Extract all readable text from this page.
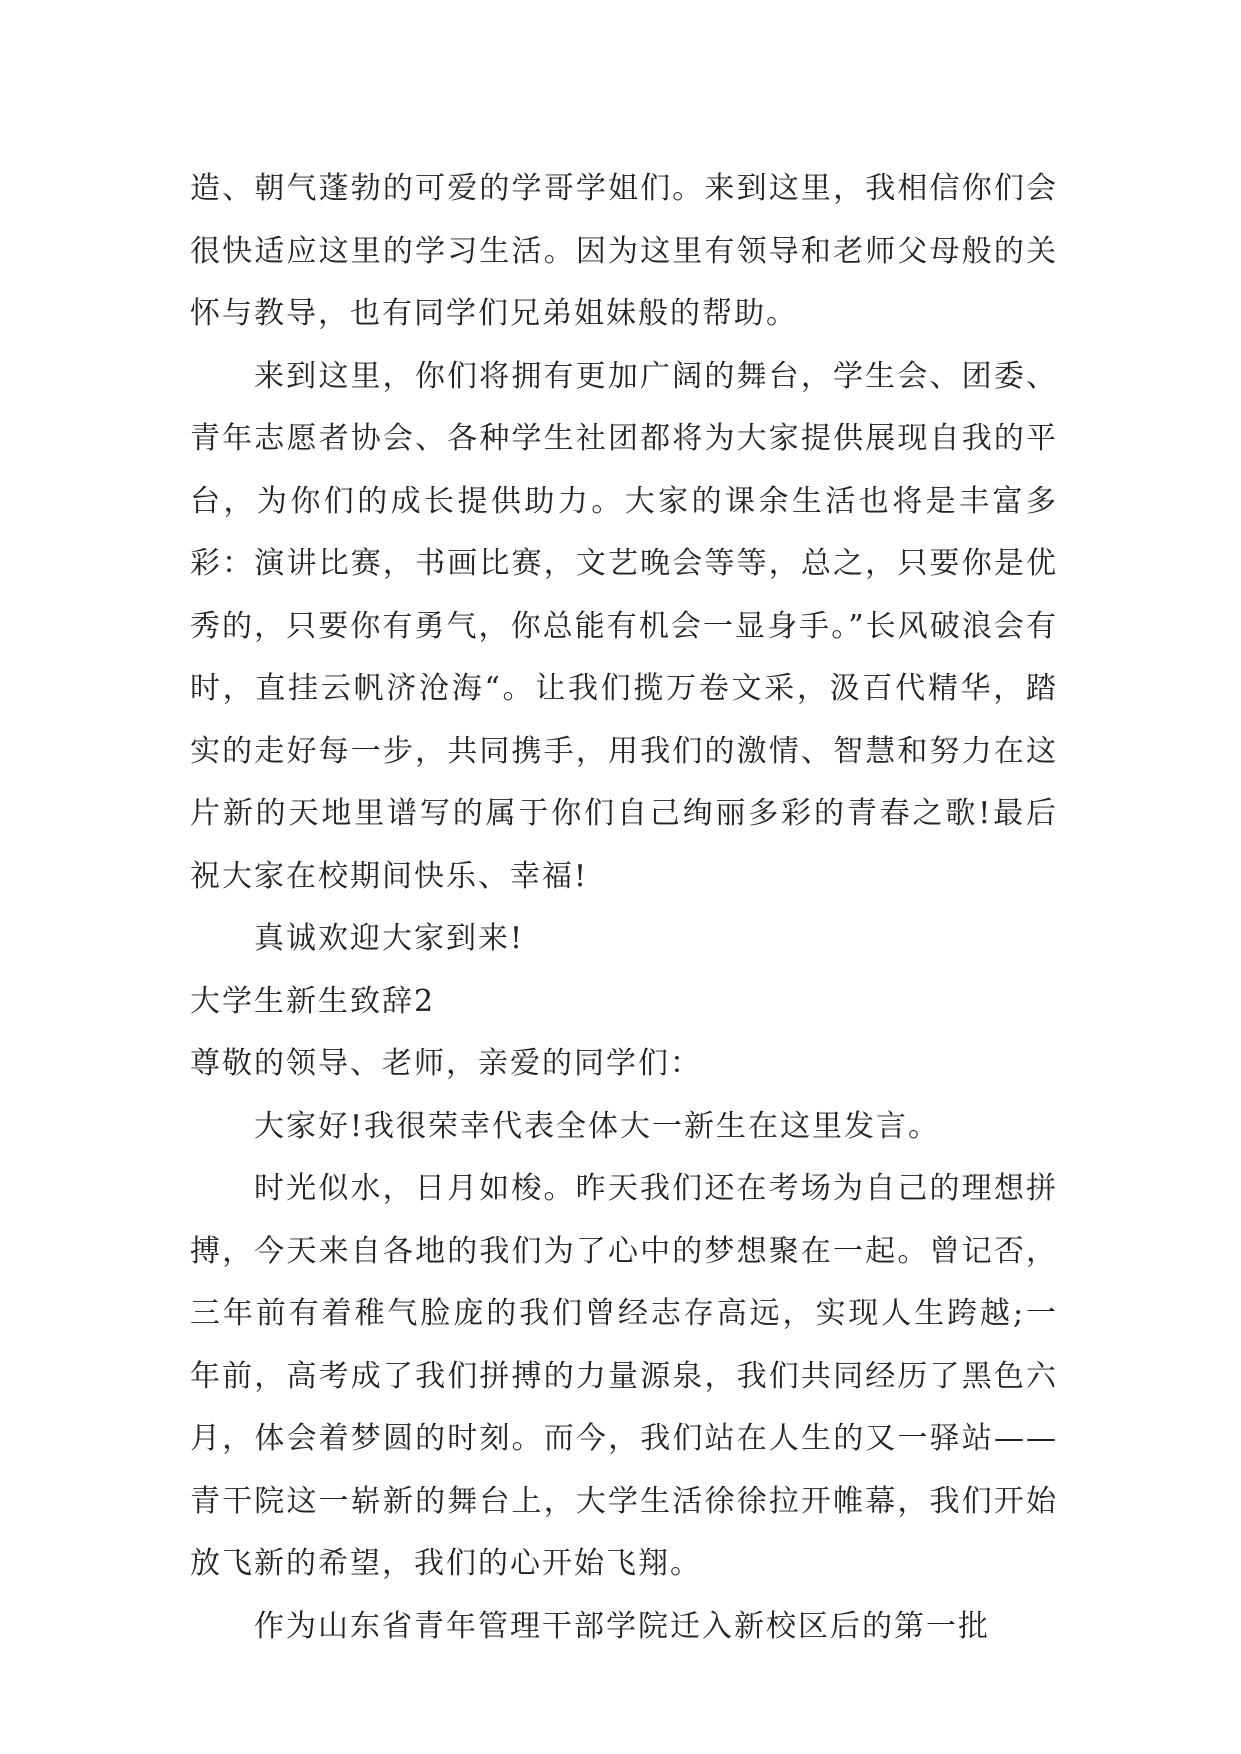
造、朝气蓬勃的可爱的学哥学姐们。来到这里，我相信你们会很快适应这里的学习生活。因为这里有领导和老师父母般的关怀与教导，也有同学们兄弟姐妹般的帮助。

来到这里，你们将拥有更加广阔的舞台，学生会、团委、青年志愿者协会、各种学生社团都将为大家提供展现自我的平台，为你们的成长提供助力。大家的课余生活也将是丰富多彩：演讲比赛，书画比赛，文艺晚会等等，总之，只要你是优秀的，只要你有勇气，你总能有机会一显身手。”长风破浪会有时，直挂云帆济沧海“。让我们揽万卷文采，汲百代精华，踏实的走好每一步，共同携手，用我们的激情、智慧和努力在这片新的天地里谱写的属于你们自己绚丽多彩的青春之歌!最后祝大家在校期间快乐、幸福!

真诚欢迎大家到来!

大学生新生致辞2

尊敬的领导、老师，亲爱的同学们：

大家好!我很荣幸代表全体大一新生在这里发言。

时光似水，日月如梭。昨天我们还在考场为自己的理想拼搏，今天来自各地的我们为了心中的梦想聚在一起。曾记否，三年前有着稚气脸庞的我们曾经志存高远，实现人生跨越;一年前，高考成了我们拼搏的力量源泉，我们共同经历了黑色六月，体会着梦圆的时刻。而今，我们站在人生的又一驿站——青干院这一崭新的舞台上，大学生活徐徐拉开帷幕，我们开始放飞新的希望，我们的心开始飞翔。

作为山东省青年管理干部学院迁入新校区后的第一批
